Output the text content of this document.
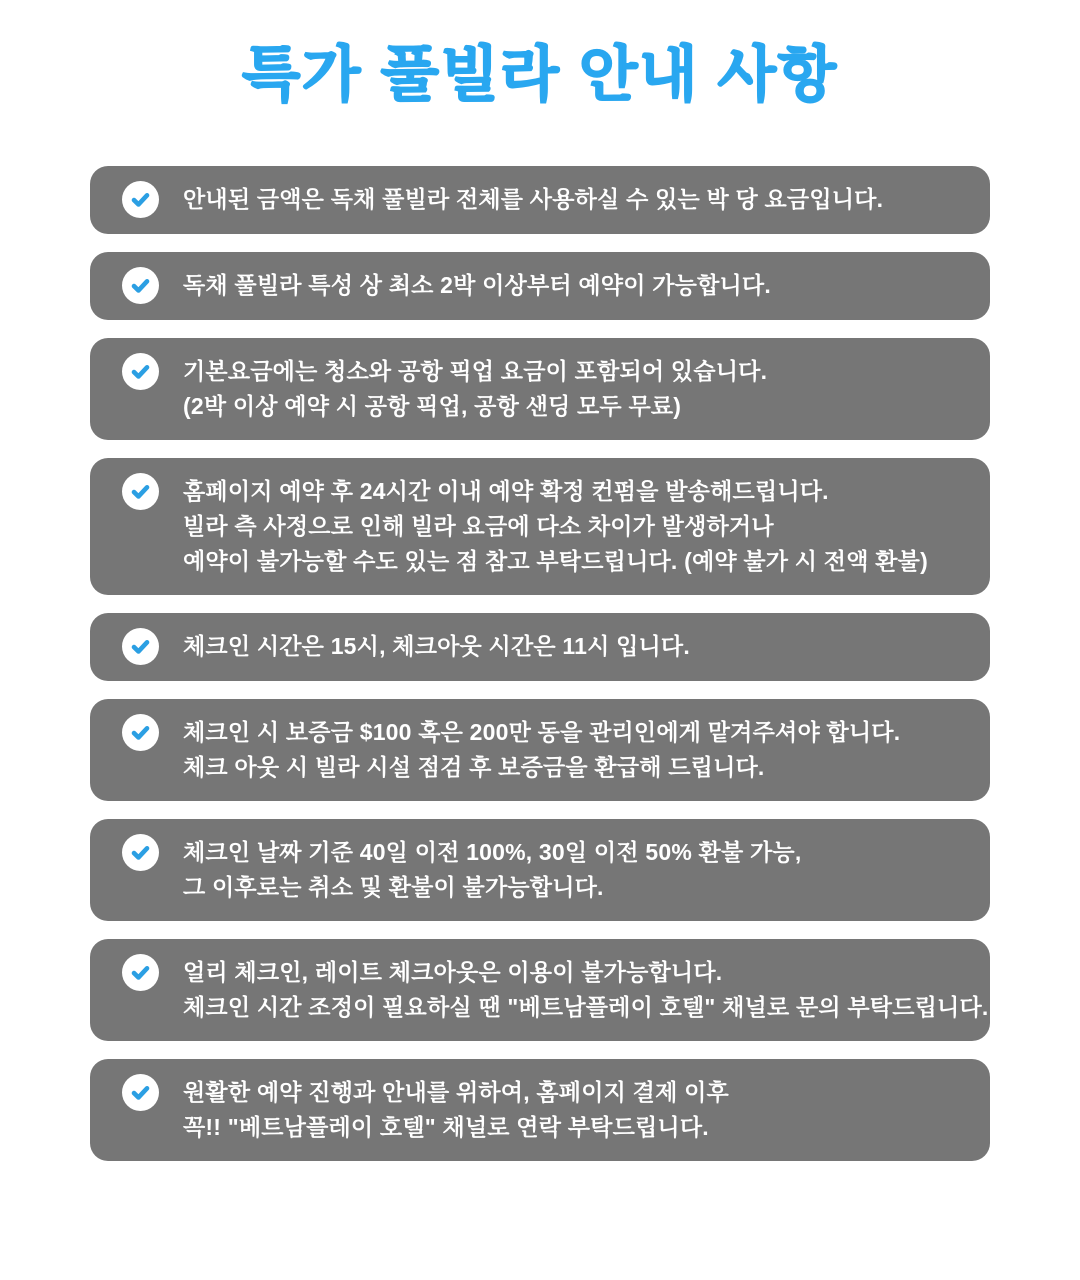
특가 풀빌라 안내 사항
안내된 금액은 독채 풀빌라 전체를 사용하실 수 있는 박 당 요금입니다.
독채 풀빌라 특성 상 최소 2박 이상부터 예약이 가능합니다.
기본요금에는 청소와 공항 픽업 요금이 포함되어 있습니다.
(2박 이상 예약 시 공항 픽업, 공항 샌딩 모두 무료)
홈페이지 예약 후 24시간 이내 예약 확정 컨펌을 발송해드립니다.
빌라 측 사정으로 인해 빌라 요금에 다소 차이가 발생하거나
예약이 불가능할 수도 있는 점 참고 부탁드립니다. (예약 불가 시 전액 환불)
체크인 시간은 15시, 체크아웃 시간은 11시 입니다.
체크인 시 보증금 $100 혹은 200만 동을 관리인에게 맡겨주셔야 합니다.
체크 아웃 시 빌라 시설 점검 후 보증금을 환급해 드립니다.
체크인 날짜 기준 40일 이전 100%, 30일 이전 50% 환불 가능,
그 이후로는 취소 및 환불이 불가능합니다.
얼리 체크인, 레이트 체크아웃은 이용이 불가능합니다.
체크인 시간 조정이 필요하실 땐 "베트남플레이 호텔" 채널로 문의 부탁드립니다.
원활한 예약 진행과 안내를 위하여, 홈페이지 결제 이후
꼭!! "베트남플레이 호텔" 채널로 연락 부탁드립니다.
